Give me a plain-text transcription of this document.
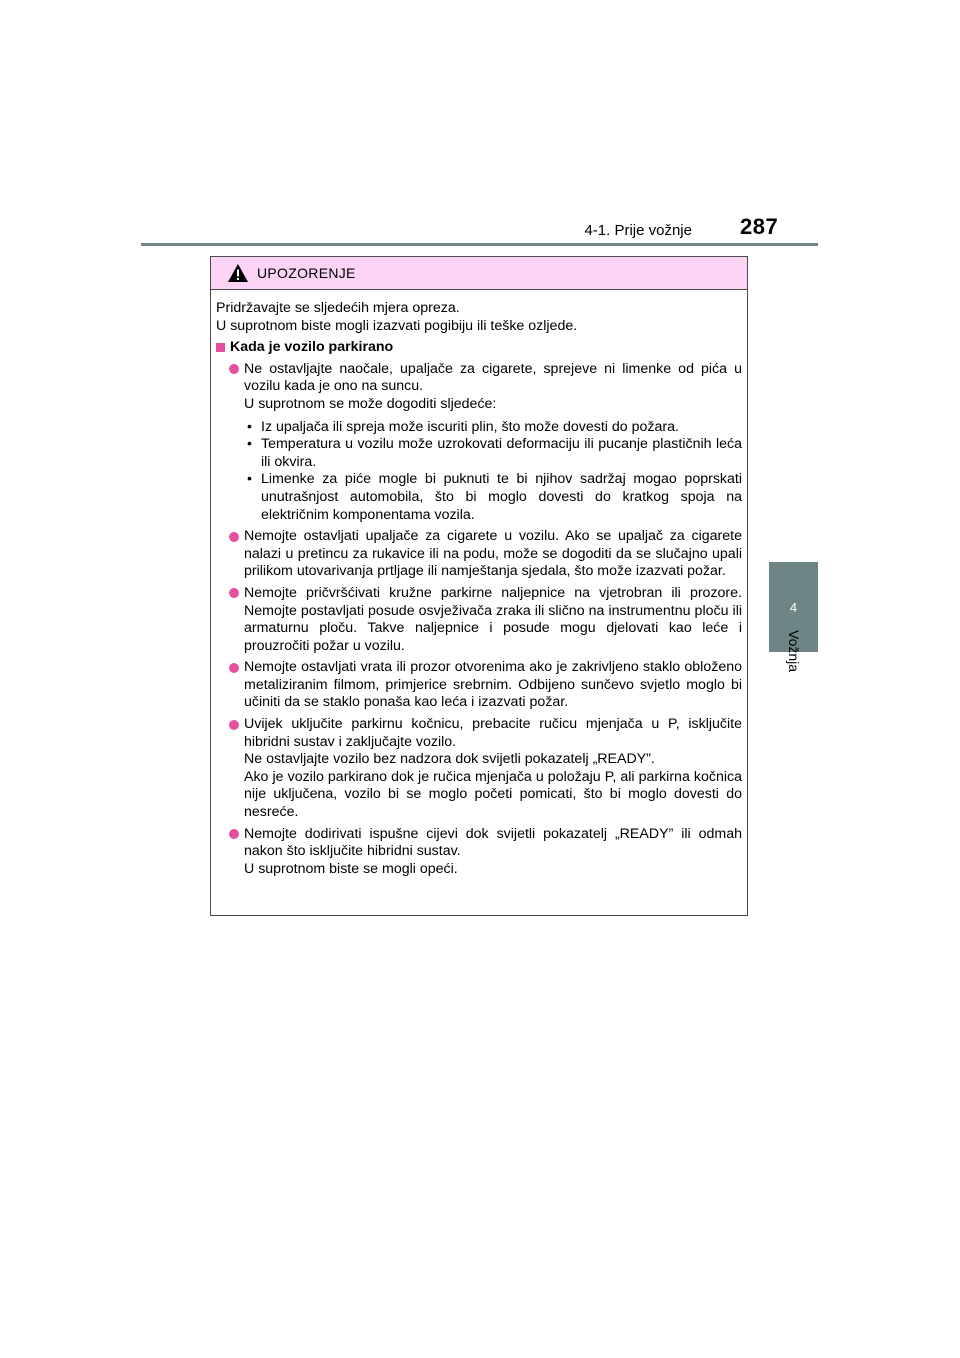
4-1. Prije vožnje 287
4
Vožnja
UPOZORENJE

Pridržavajte se sljedećih mjera opreza.

U suprotnom biste mogli izazvati pogibiju ili teške ozljede.

Kada je vozilo parkirano

Ne ostavljajte naočale, upaljače za cigarete, sprejeve ni limenke od pića u vozilu kada je ono na suncu.

U suprotnom se može dogoditi sljedeće:

• Iz upaljača ili spreja može iscuriti plin, što može dovesti do požara.
• Temperatura u vozilu može uzrokovati deformaciju ili pucanje plastičnih leća ili okvira.
• Limenke za piće mogle bi puknuti te bi njihov sadržaj mogao poprskati unutrašnjost automobila, što bi moglo dovesti do kratkog spoja na električnim komponentama vozila.

Nemojte ostavljati upaljače za cigarete u vozilu. Ako se upaljač za cigarete nalazi u pretincu za rukavice ili na podu, može se dogoditi da se slučajno upali prilikom utovarivanja prtljage ili namještanja sjedala, što može izazvati požar.

Nemojte pričvršćivati kružne parkirne naljepnice na vjetrobran ili prozore. Nemojte postavljati posude osvježivača zraka ili slično na instrumentnu ploču ili armaturnu ploču. Takve naljepnice i posude mogu djelovati kao leće i prouzročiti požar u vozilu.

Nemojte ostavljati vrata ili prozor otvorenima ako je zakrivljeno staklo obloženo metaliziranim filmom, primjerice srebrnim. Odbijeno sunčevo svjetlo moglo bi učiniti da se staklo ponaša kao leća i izazvati požar.

Uvijek uključite parkirnu kočnicu, prebacite ručicu mjenjača u P, isključite hibridni sustav i zaključajte vozilo.

Ne ostavljajte vozilo bez nadzora dok svijetli pokazatelj „READY”.

Ako je vozilo parkirano dok je ručica mjenjača u položaju P, ali parkirna kočnica nije uključena, vozilo bi se moglo početi pomicati, što bi moglo dovesti do nesreće.

Nemojte dodirivati ispušne cijevi dok svijetli pokazatelj „READY” ili odmah nakon što isključite hibridni sustav.

U suprotnom biste se mogli opeći.
